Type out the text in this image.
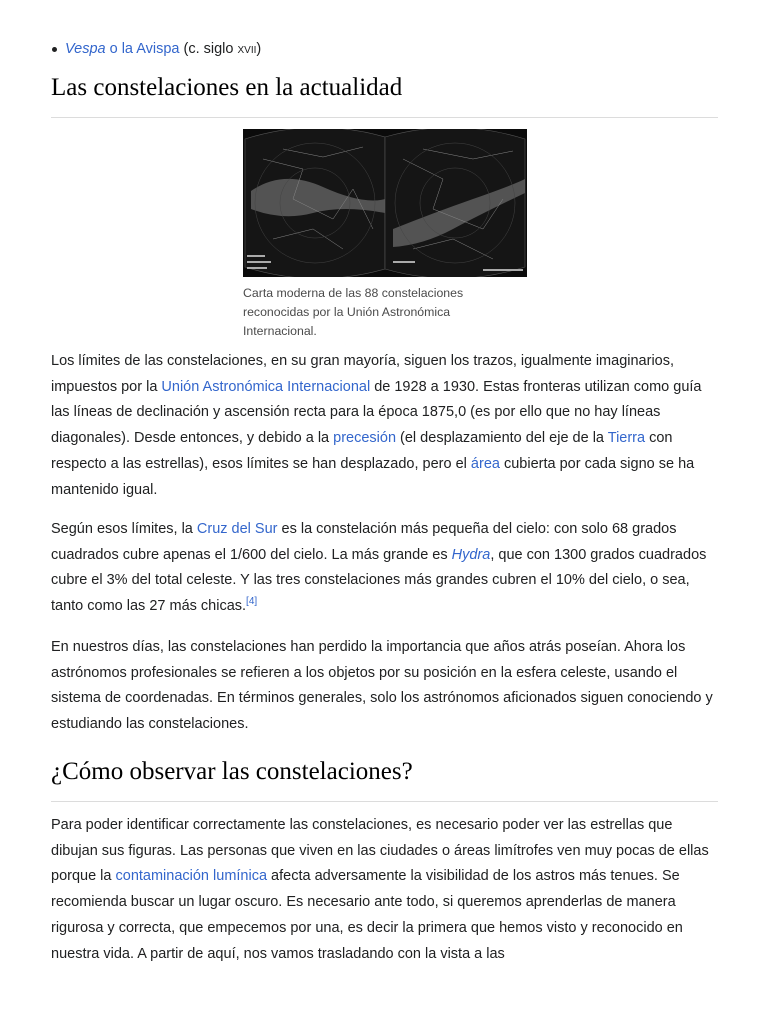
Vespa o la Avispa (c. siglo xvii)
Las constelaciones en la actualidad
Carta moderna de las 88 constelaciones reconocidas por la Unión Astronómica Internacional.

Los límites de las constelaciones, en su gran mayoría, siguen los trazos, igualmente imaginarios, impuestos por la Unión Astronómica Internacional de 1928 a 1930. Estas fronteras utilizan como guía las líneas de declinación y ascensión recta para la época 1875,0 (es por ello que no hay líneas diagonales). Desde entonces, y debido a la precesión (el desplazamiento del eje de la Tierra con respecto a las estrellas), esos límites se han desplazado, pero el área cubierta por cada signo se ha mantenido igual.

Según esos límites, la Cruz del Sur es la constelación más pequeña del cielo: con solo 68 grados cuadrados cubre apenas el 1/600 del cielo. La más grande es Hydra, que con 1300 grados cuadrados cubre el 3% del total celeste. Y las tres constelaciones más grandes cubren el 10% del cielo, o sea, tanto como las 27 más chicas.[4]

En nuestros días, las constelaciones han perdido la importancia que años atrás poseían. Ahora los astrónomos profesionales se refieren a los objetos por su posición en la esfera celeste, usando el sistema de coordenadas. En términos generales, solo los astrónomos aficionados siguen conociendo y estudiando las constelaciones.

¿Cómo observar las constelaciones?

Para poder identificar correctamente las constelaciones, es necesario poder ver las estrellas que dibujan sus figuras. Las personas que viven en las ciudades o áreas limítrofes ven muy pocas de ellas porque la contaminación lumínica afecta adversamente la visibilidad de los astros más tenues. Se recomienda buscar un lugar oscuro. Es necesario ante todo, si queremos aprenderlas de manera rigurosa y correcta, que empecemos por una, es decir la primera que hemos visto y reconocido en nuestra vida. A partir de aquí, nos vamos trasladando con la vista a las
